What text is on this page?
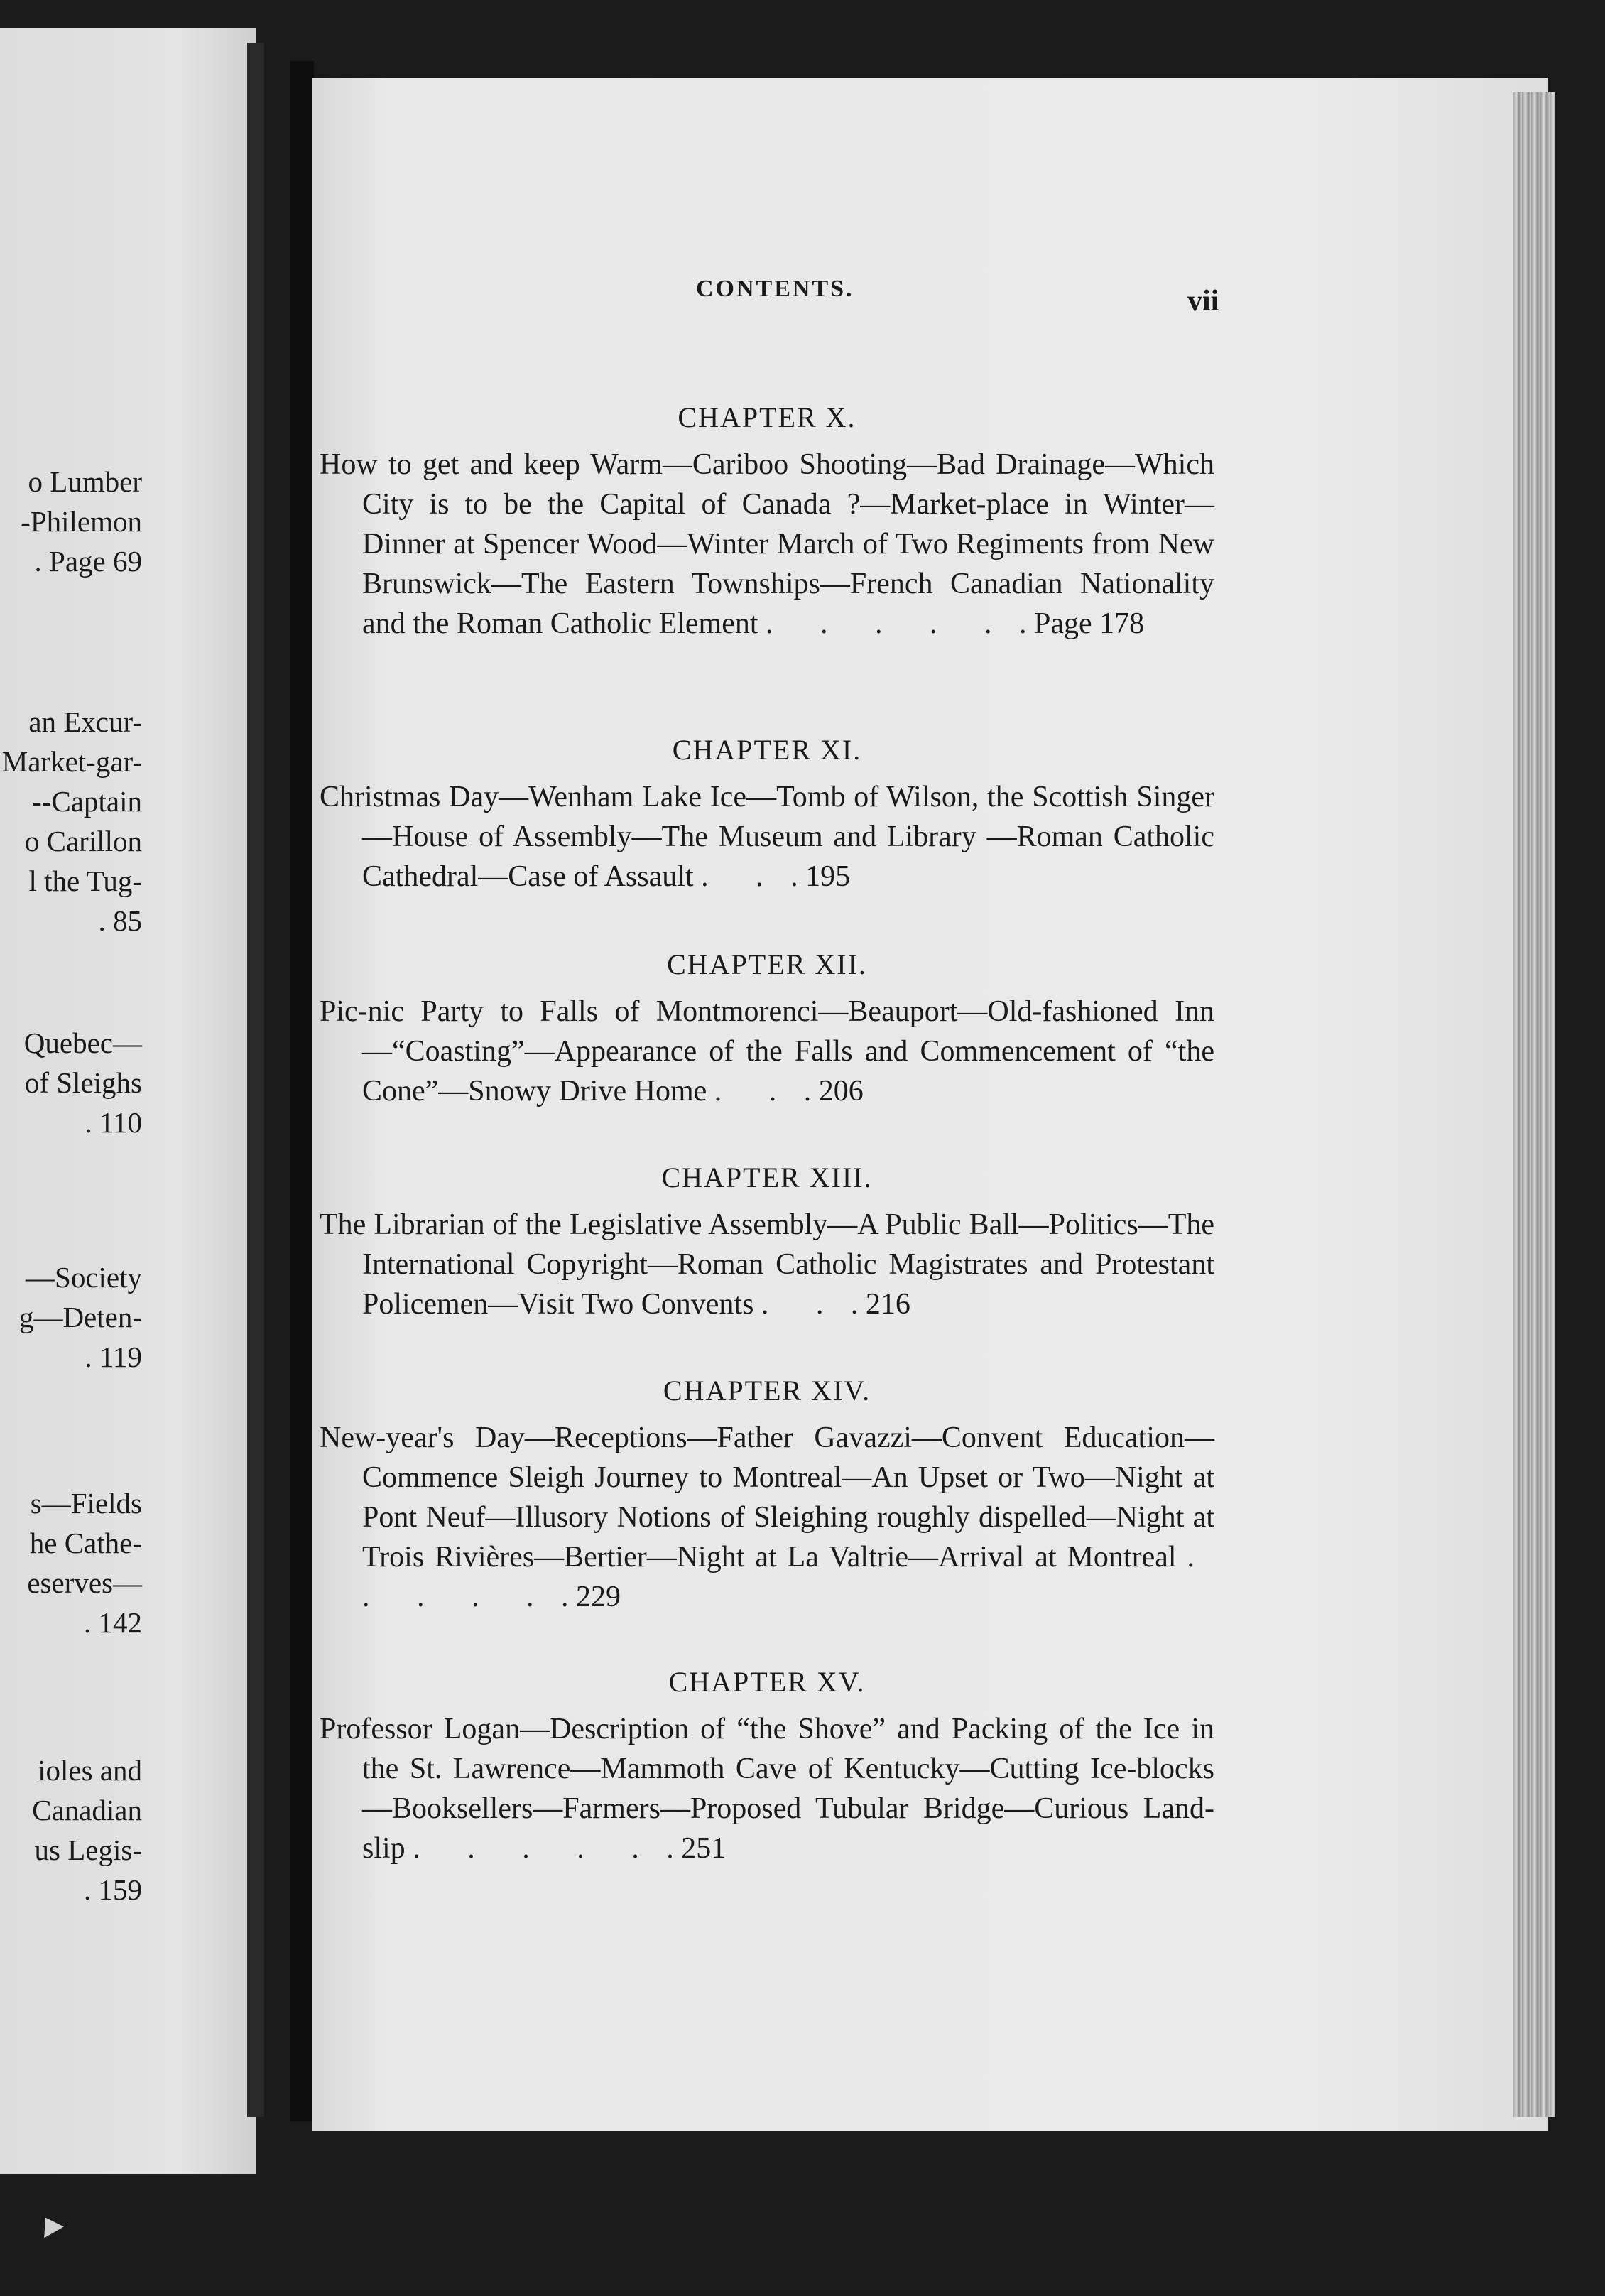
o Lumber
-Philemon
. Page 69
an Excur-
Market-gar-
--Captain
o Carillon
l the Tug-
. 85
Quebec—
of Sleighs
. 110
—Society
g—Deten-
. 119
s—Fields
he Cathe-
eserves—
. 142
ioles and
Canadian
us Legis-
. 159
CONTENTS.	vii
CHAPTER X.
How to get and keep Warm—Cariboo Shooting—Bad Drainage—Which City is to be the Capital of Canada ?—Market-place in Winter—Dinner at Spencer Wood—Winter March of Two Regiments from New Brunswick—The Eastern Townships—French Canadian Nationality and the Roman Catholic Element . . . . . . Page 178
CHAPTER XI.
Christmas Day—Wenham Lake Ice—Tomb of Wilson, the Scottish Singer—House of Assembly—The Museum and Library —Roman Catholic Cathedral—Case of Assault . . . 195
CHAPTER XII.
Pic-nic Party to Falls of Montmorenci—Beauport—Old-fashioned Inn—“Coasting”—Appearance of the Falls and Commencement of “the Cone”—Snowy Drive Home . . . 206
CHAPTER XIII.
The Librarian of the Legislative Assembly—A Public Ball—Politics—The International Copyright—Roman Catholic Magistrates and Protestant Policemen—Visit Two Convents . . . 216
CHAPTER XIV.
New-year's Day—Receptions—Father Gavazzi—Convent Education—Commence Sleigh Journey to Montreal—An Upset or Two—Night at Pont Neuf—Illusory Notions of Sleighing roughly dispelled—Night at Trois Rivières—Bertier—Night at La Valtrie—Arrival at Montreal . . . . . . 229
CHAPTER XV.
Professor Logan—Description of “the Shove” and Packing of the Ice in the St. Lawrence—Mammoth Cave of Kentucky—Cutting Ice-blocks—Booksellers—Farmers—Proposed Tubular Bridge—Curious Land-slip . . . . . . 251
